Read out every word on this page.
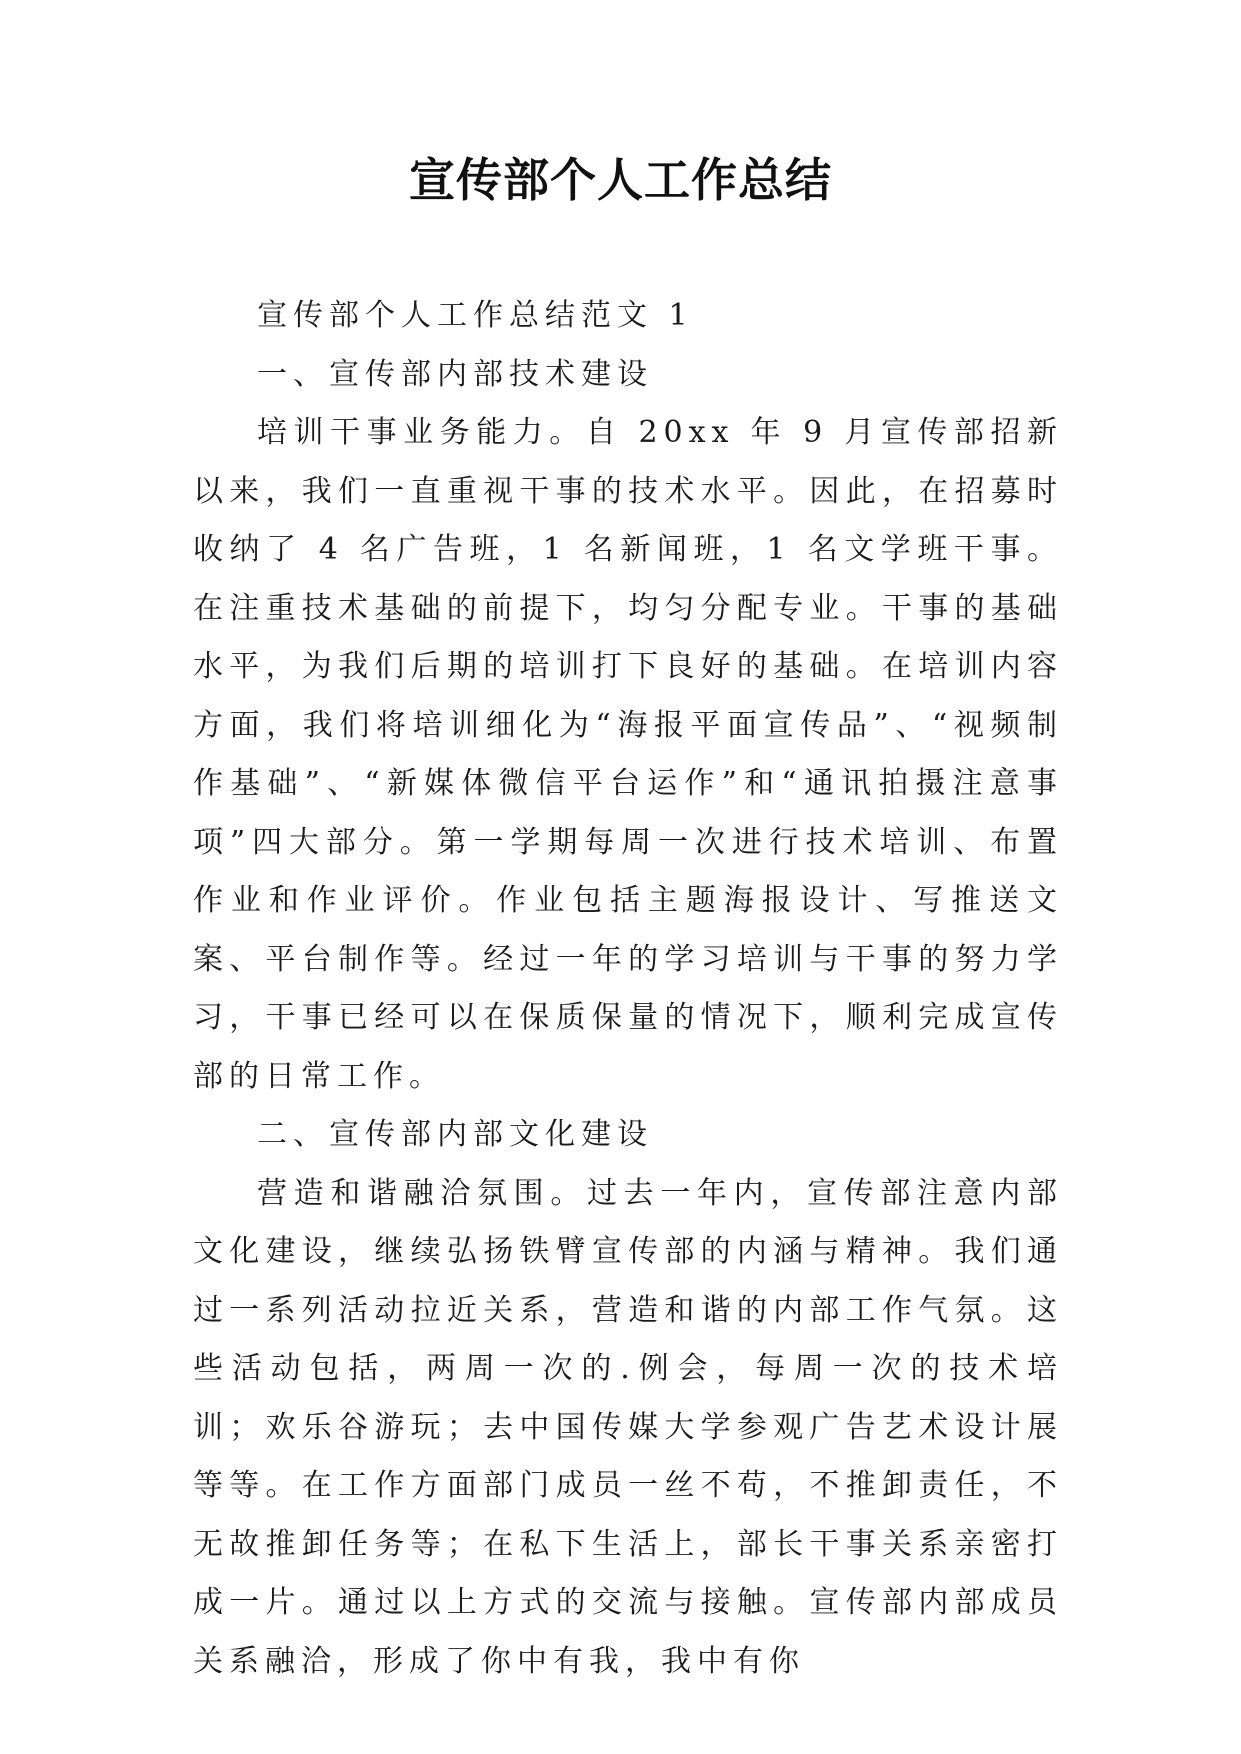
宣传部个人工作总结

宣传部个人工作总结范文 1

一、宣传部内部技术建设

培训干事业务能力。自 20xx 年 9 月宣传部招新以来，我们一直重视干事的技术水平。因此，在招募时收纳了 4 名广告班，1 名新闻班，1 名文学班干事。在注重技术基础的前提下，均匀分配专业。干事的基础水平，为我们后期的培训打下良好的基础。在培训内容方面，我们将培训细化为“海报平面宣传品”、“视频制作基础”、“新媒体微信平台运作”和“通讯拍摄注意事项”四大部分。第一学期每周一次进行技术培训、布置作业和作业评价。作业包括主题海报设计、写推送文案、平台制作等。经过一年的学习培训与干事的努力学习，干事已经可以在保质保量的情况下，顺利完成宣传部的日常工作。

二、宣传部内部文化建设

营造和谐融洽氛围。过去一年内，宣传部注意内部文化建设，继续弘扬铁臂宣传部的内涵与精神。我们通过一系列活动拉近关系，营造和谐的内部工作气氛。这些活动包括，两周一次的.例会，每周一次的技术培训；欢乐谷游玩；去中国传媒大学参观广告艺术设计展等等。在工作方面部门成员一丝不苟，不推卸责任，不无故推卸任务等；在私下生活上，部长干事关系亲密打成一片。通过以上方式的交流与接触。宣传部内部成员关系融洽，形成了你中有我，我中有你
